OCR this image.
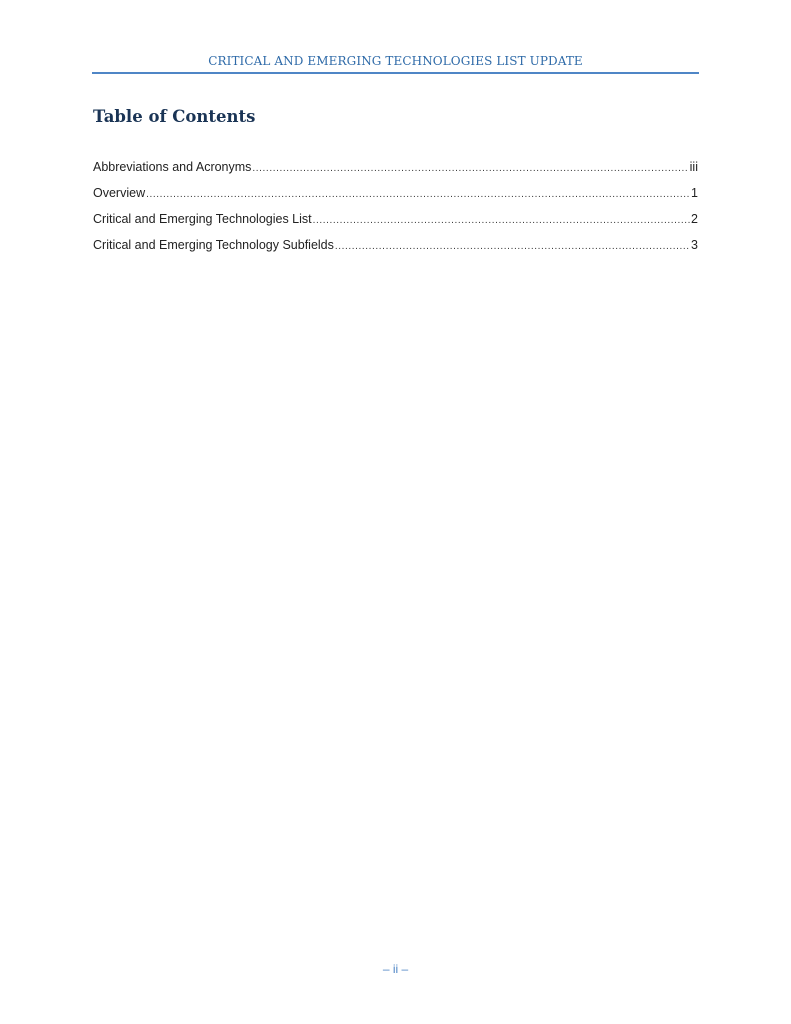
CRITICAL AND EMERGING TECHNOLOGIES LIST UPDATE
Table of Contents
Abbreviations and Acronyms .....	iii
Overview .....	1
Critical and Emerging Technologies List .....	2
Critical and Emerging Technology Subfields .....	3
– ii –
